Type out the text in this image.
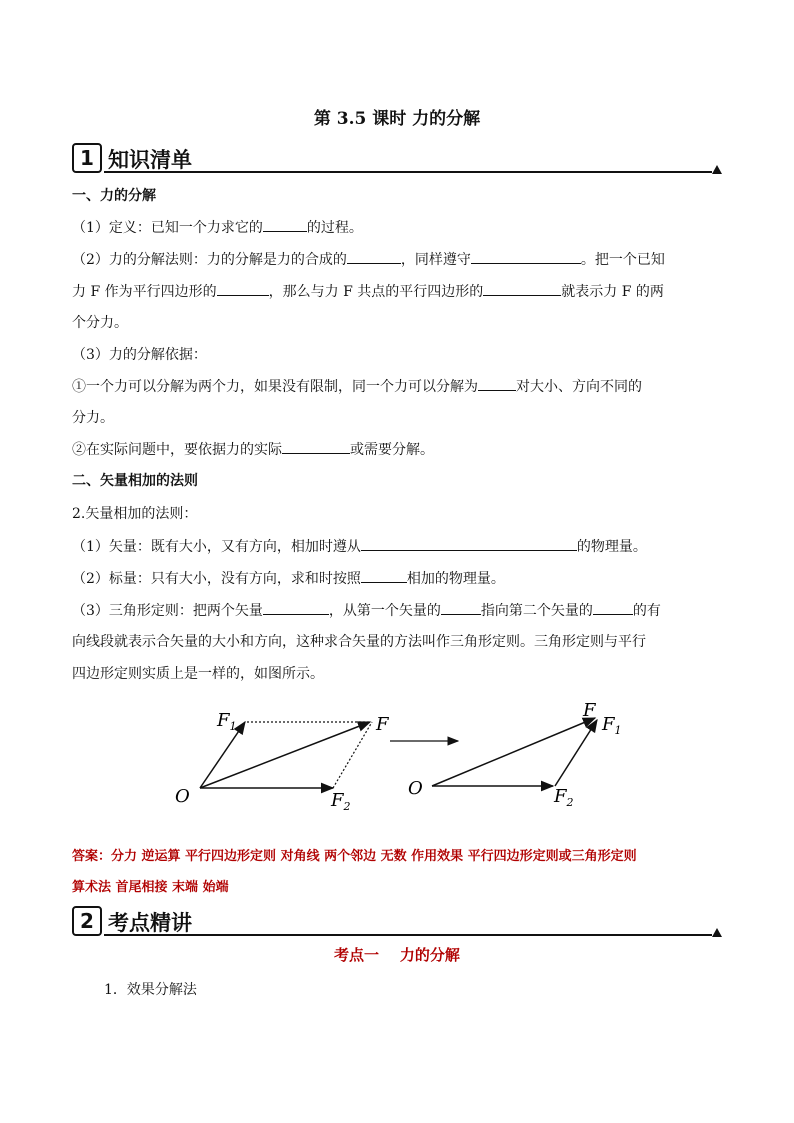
第 3.5 课时 力的分解
1 知识清单
一、力的分解
（1）定义：已知一个力求它的	的过程。
（2）力的分解法则：力的分解是力的合成的	，同样遵守	。把一个已知
力 F 作为平行四边形的	，那么与力 F 共点的平行四边形的	就表示力 F 的两
个分力。
（3）力的分解依据：
①一个力可以分解为两个力，如果没有限制，同一个力可以分解为	对大小、方向不同的
分力。
②在实际问题中，要依据力的实际	或需要分解。
二、矢量相加的法则
2.矢量相加的法则：
（1）矢量：既有大小，又有方向，相加时遵从	的物理量。
（2）标量：只有大小，没有方向，求和时按照	相加的物理量。
（3）三角形定则：把两个矢量	，从第一个矢量的	指向第二个矢量的	的有
向线段就表示合矢量的大小和方向，这种求合矢量的方法叫作三角形定则。三角形定则与平行
四边形定则实质上是一样的，如图所示。
O
$F_1$	F
$F_2$
O
F
$F_1$
$F_2$
答案：分力 逆运算 平行四边形定则 对角线 两个邻边 无数 作用效果 平行四边形定则或三角形定则
算术法 首尾相接 末端 始端
2 考点精讲
考点一    力的分解
1．效果分解法
